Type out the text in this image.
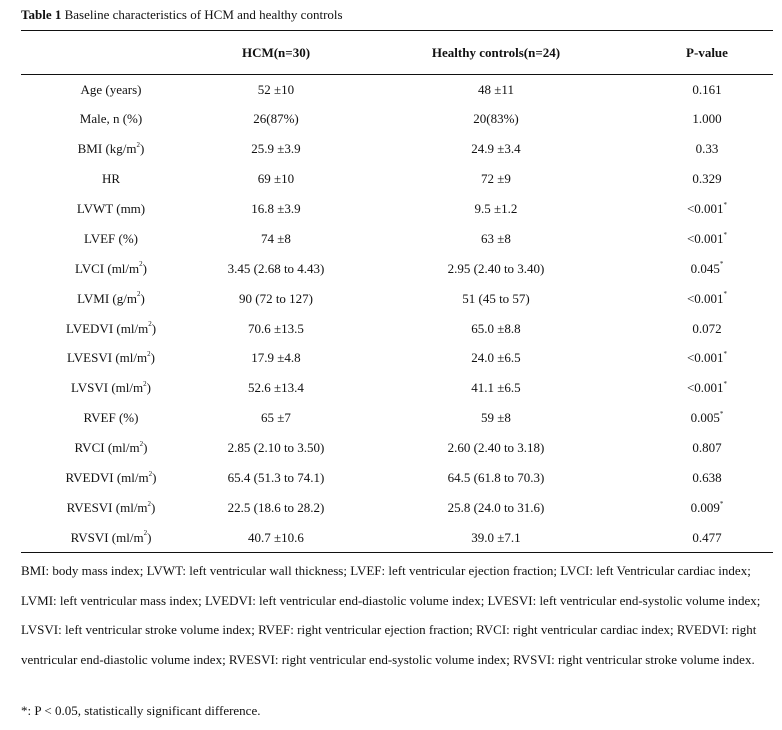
Table 1 Baseline characteristics of HCM and healthy controls
	HCM(n=30)	Healthy controls(n=24)	P-value
Age (years)	52 ±10	48 ±11	0.161
Male, n (%)	26(87%)	20(83%)	1.000
BMI $(kg/m^2)$	25.9 ±3.9	24.9 ±3.4	0.33
HR	69 ±10	72 ±9	0.329
LVWT (mm)	16.8 ±3.9	9.5 ±1.2	<0.001*
LVEF (%)	74 ±8	63 ±8	<0.001*
LVCI $(ml/m^2)$	3.45 (2.68 to 4.43)	2.95 (2.40 to 3.40)	0.045*
LVMI $(g/m^2)$	90 (72 to 127)	51 (45 to 57)	<0.001*
LVEDVI $(ml/m^2)$	70.6 ±13.5	65.0 ±8.8	0.072
LVESVI $(ml/m^2)$	17.9 ±4.8	24.0 ±6.5	<0.001*
LVSVI $(ml/m^2)$	52.6 ±13.4	41.1 ±6.5	<0.001*
RVEF (%)	65 ±7	59 ±8	0.005*
RVCI $(ml/m^2)$	2.85 (2.10 to 3.50)	2.60 (2.40 to 3.18)	0.807
RVEDVI $(ml/m^2)$	65.4 (51.3 to 74.1)	64.5 (61.8 to 70.3)	0.638
RVESVI $(ml/m^2)$	22.5 (18.6 to 28.2)	25.8 (24.0 to 31.6)	0.009*
RVSVI $(ml/m^2)$	40.7 ±10.6	39.0 ±7.1	0.477
BMI: body mass index; LVWT: left ventricular wall thickness; LVEF: left ventricular ejection fraction; LVCI: left Ventricular cardiac index; LVMI: left ventricular mass index; LVEDVI: left ventricular end-diastolic volume index; LVESVI: left ventricular end-systolic volume index; LVSVI: left ventricular stroke volume index; RVEF: right ventricular ejection fraction; RVCI: right ventricular cardiac index; RVEDVI: right ventricular end-diastolic volume index; RVESVI: right ventricular end-systolic volume index; RVSVI: right ventricular stroke volume index.
*: P < 0.05, statistically significant difference.
